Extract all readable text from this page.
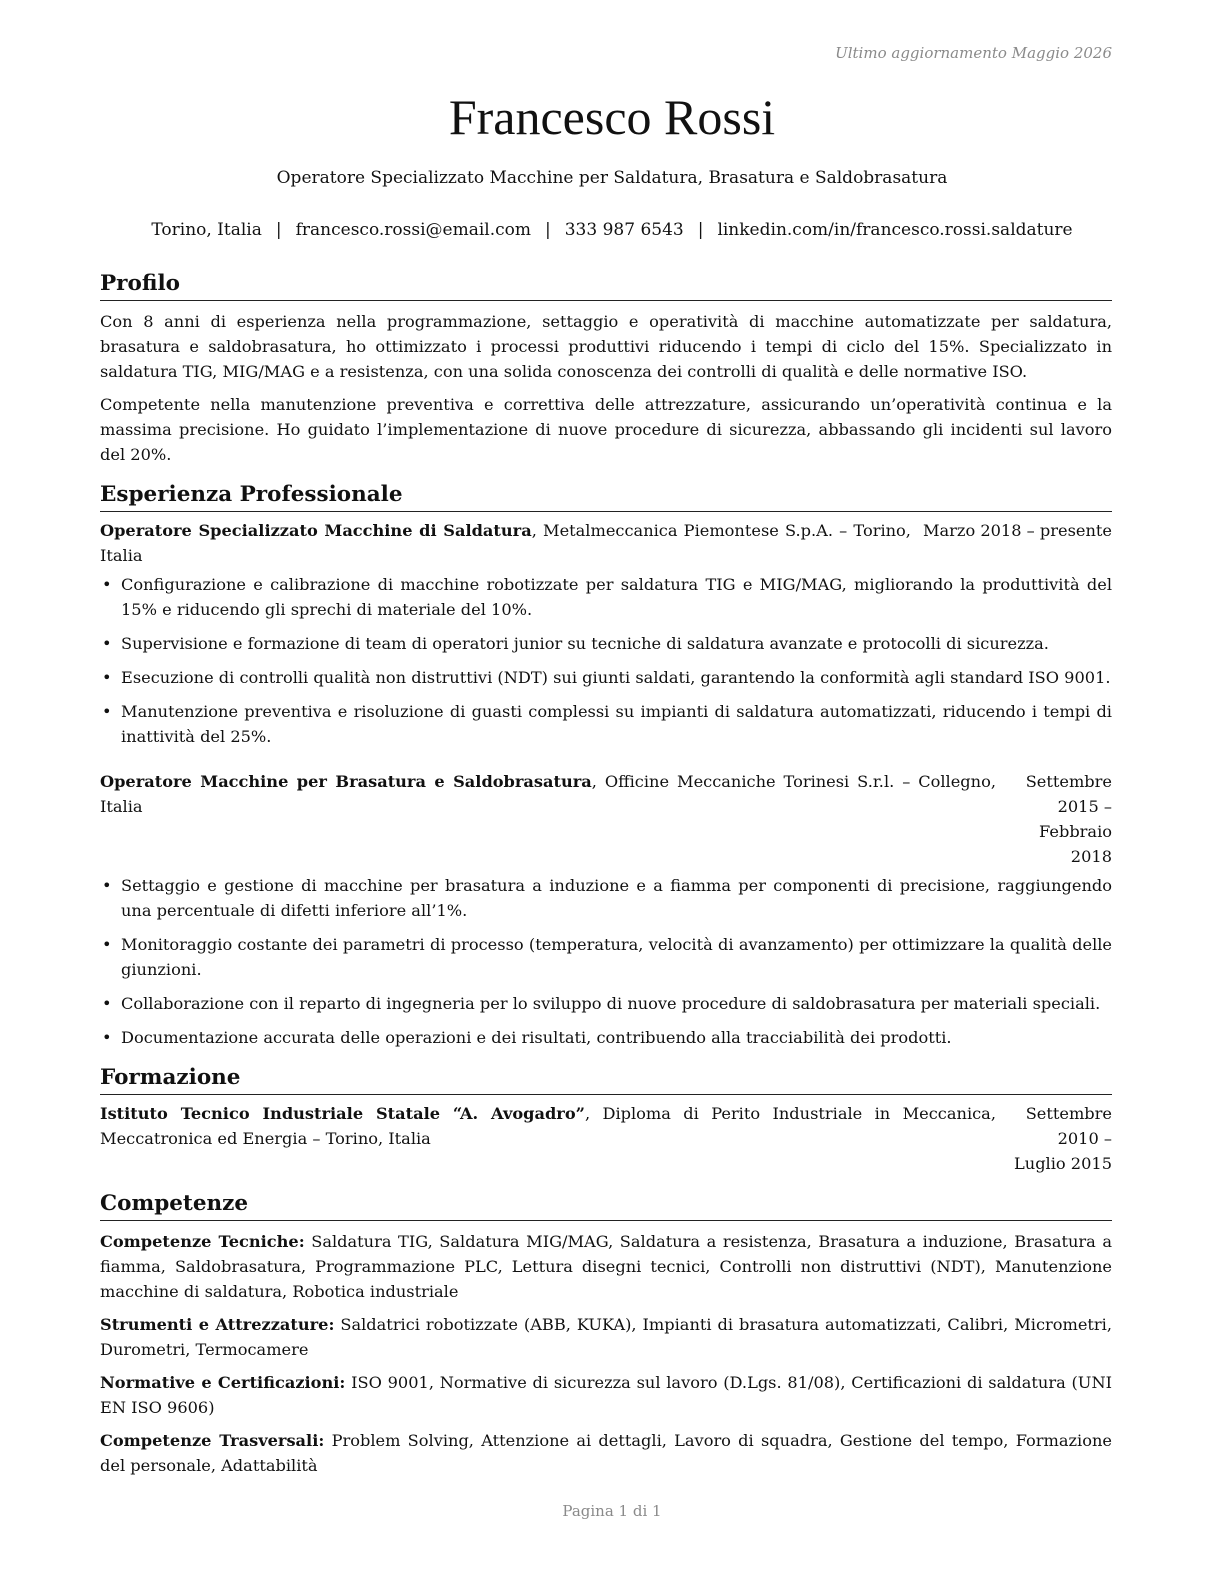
Ultimo aggiornamento Maggio 2026
Francesco Rossi
Operatore Specializzato Macchine per Saldatura, Brasatura e Saldobrasatura
Torino, Italia | francesco.rossi@email.com | 333 987 6543 | linkedin.com/in/francesco.rossi.saldature
Profilo

Con 8 anni di esperienza nella programmazione, settaggio e operatività di macchine automatizzate per saldatura, brasatura e saldobrasatura, ho ottimizzato i processi produttivi riducendo i tempi di ciclo del 15%. Specializzato in saldatura TIG, MIG/MAG e a resistenza, con una solida conoscenza dei controlli di qualità e delle normative ISO.

Competente nella manutenzione preventiva e correttiva delle attrezzature, assicurando un’operatività continua e la massima precisione. Ho guidato l’implementazione di nuove procedure di sicurezza, abbassando gli incidenti sul lavoro del 20%.

Esperienza Professionale
Operatore Specializzato Macchine di Saldatura, Metalmeccanica Piemontese S.p.A. – Torino, Italia
Marzo 2018 – presente
• Configurazione e calibrazione di macchine robotizzate per saldatura TIG e MIG/MAG, migliorando la produttività del 15% e riducendo gli sprechi di materiale del 10%.
• Supervisione e formazione di team di operatori junior su tecniche di saldatura avanzate e protocolli di sicurezza.
• Esecuzione di controlli qualità non distruttivi (NDT) sui giunti saldati, garantendo la conformità agli standard ISO 9001.
• Manutenzione preventiva e risoluzione di guasti complessi su impianti di saldatura automatizzati, riducendo i tempi di inattività del 25%.
Operatore Macchine per Brasatura e Saldobrasatura, Officine Meccaniche Torinesi S.r.l. – Collegno, Italia
Settembre 2015 – Febbraio 2018
• Settaggio e gestione di macchine per brasatura a induzione e a fiamma per componenti di precisione, raggiungendo una percentuale di difetti inferiore all’1%.
• Monitoraggio costante dei parametri di processo (temperatura, velocità di avanzamento) per ottimizzare la qualità delle giunzioni.
• Collaborazione con il reparto di ingegneria per lo sviluppo di nuove procedure di saldobrasatura per materiali speciali.
• Documentazione accurata delle operazioni e dei risultati, contribuendo alla tracciabilità dei prodotti.
Formazione
Istituto Tecnico Industriale Statale “A. Avogadro”, Diploma di Perito Industriale in Meccanica, Meccatronica ed Energia – Torino, Italia
Settembre 2010 – Luglio 2015
Competenze
Competenze Tecniche: Saldatura TIG, Saldatura MIG/MAG, Saldatura a resistenza, Brasatura a induzione, Brasatura a fiamma, Saldobrasatura, Programmazione PLC, Lettura disegni tecnici, Controlli non distruttivi (NDT), Manutenzione macchine di saldatura, Robotica industriale
Strumenti e Attrezzature: Saldatrici robotizzate (ABB, KUKA), Impianti di brasatura automatizzati, Calibri, Micrometri, Durometri, Termocamere
Normative e Certificazioni: ISO 9001, Normative di sicurezza sul lavoro (D.Lgs. 81/08), Certificazioni di saldatura (UNI EN ISO 9606)
Competenze Trasversali: Problem Solving, Attenzione ai dettagli, Lavoro di squadra, Gestione del tempo, Formazione del personale, Adattabilità
Pagina 1 di 1
